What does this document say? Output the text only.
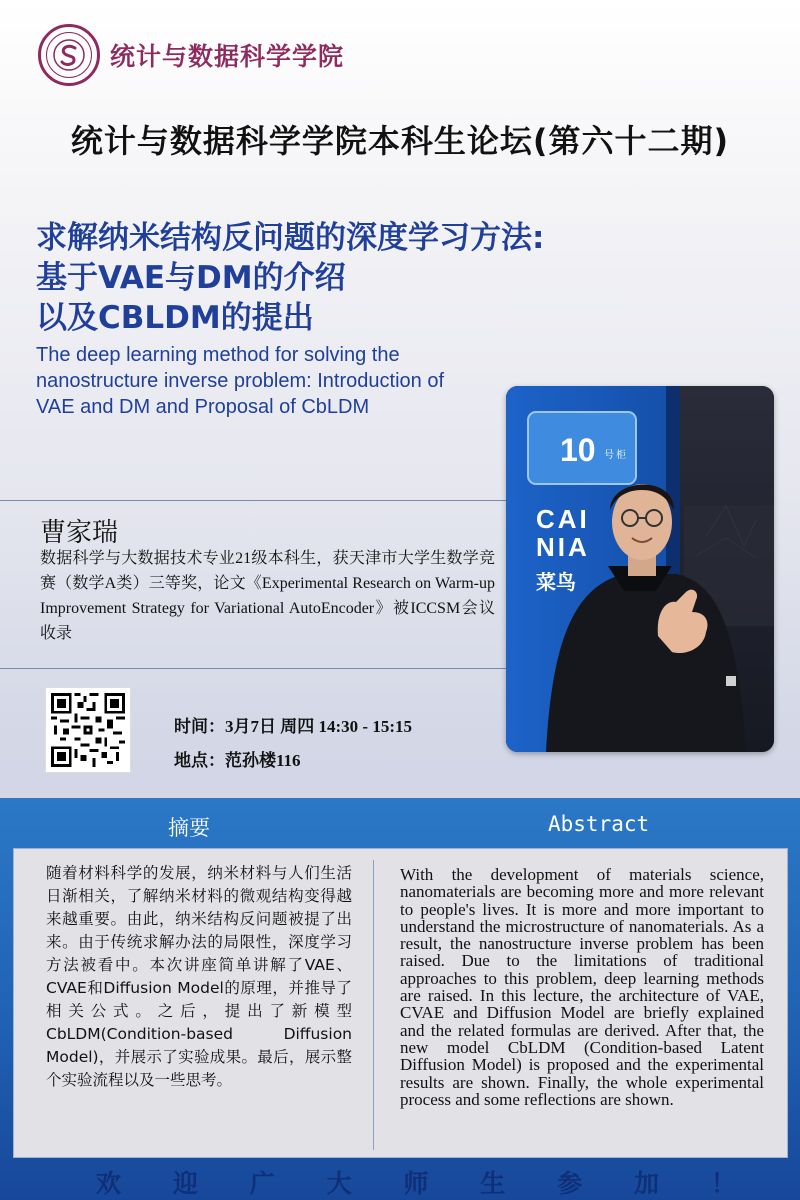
统计与数据科学学院
统计与数据科学学院本科生论坛(第六十二期)
求解纳米结构反问题的深度学习方法:
基于VAE与DM的介绍
以及CBLDM的提出
The deep learning method for solving the
nanostructure inverse problem: Introduction of
VAE and DM and Proposal of CbLDM
曹家瑞
数据科学与大数据技术专业21级本科生，获天津市大学生数学竞赛（数学A类）三等奖，论文《Experimental Research on Warm-up Improvement Strategy for Variational AutoEncoder》被ICCSM会议收录
10 号 柜
CAI
NIA
菜鸟
时间：3月7日 周四 14:30 - 15:15
地点：范孙楼116
摘要	Abstract
随着材料科学的发展，纳米材料与人们生活日渐相关，了解纳米材料的微观结构变得越来越重要。由此，纳米结构反问题被提了出来。由于传统求解办法的局限性，深度学习方法被看中。本次讲座简单讲解了VAE、CVAE和Diffusion Model的原理，并推导了相关公式。之后，提出了新模型CbLDM(Condition-based Diffusion Model)，并展示了实验成果。最后，展示整个实验流程以及一些思考。
With the development of materials science, nanomaterials are becoming more and more relevant to people's lives. It is more and more important to understand the microstructure of nanomaterials. As a result, the nanostructure inverse problem has been raised. Due to the limitations of traditional approaches to this problem, deep learning methods are raised. In this lecture, the architecture of VAE, CVAE and Diffusion Model are briefly explained and the related formulas are derived. After that, the new model CbLDM (Condition-based Latent Diffusion Model) is proposed and the experimental results are shown. Finally, the whole experimental process and some reflections are shown.
欢 迎 广 大 师 生 参 加 ！
